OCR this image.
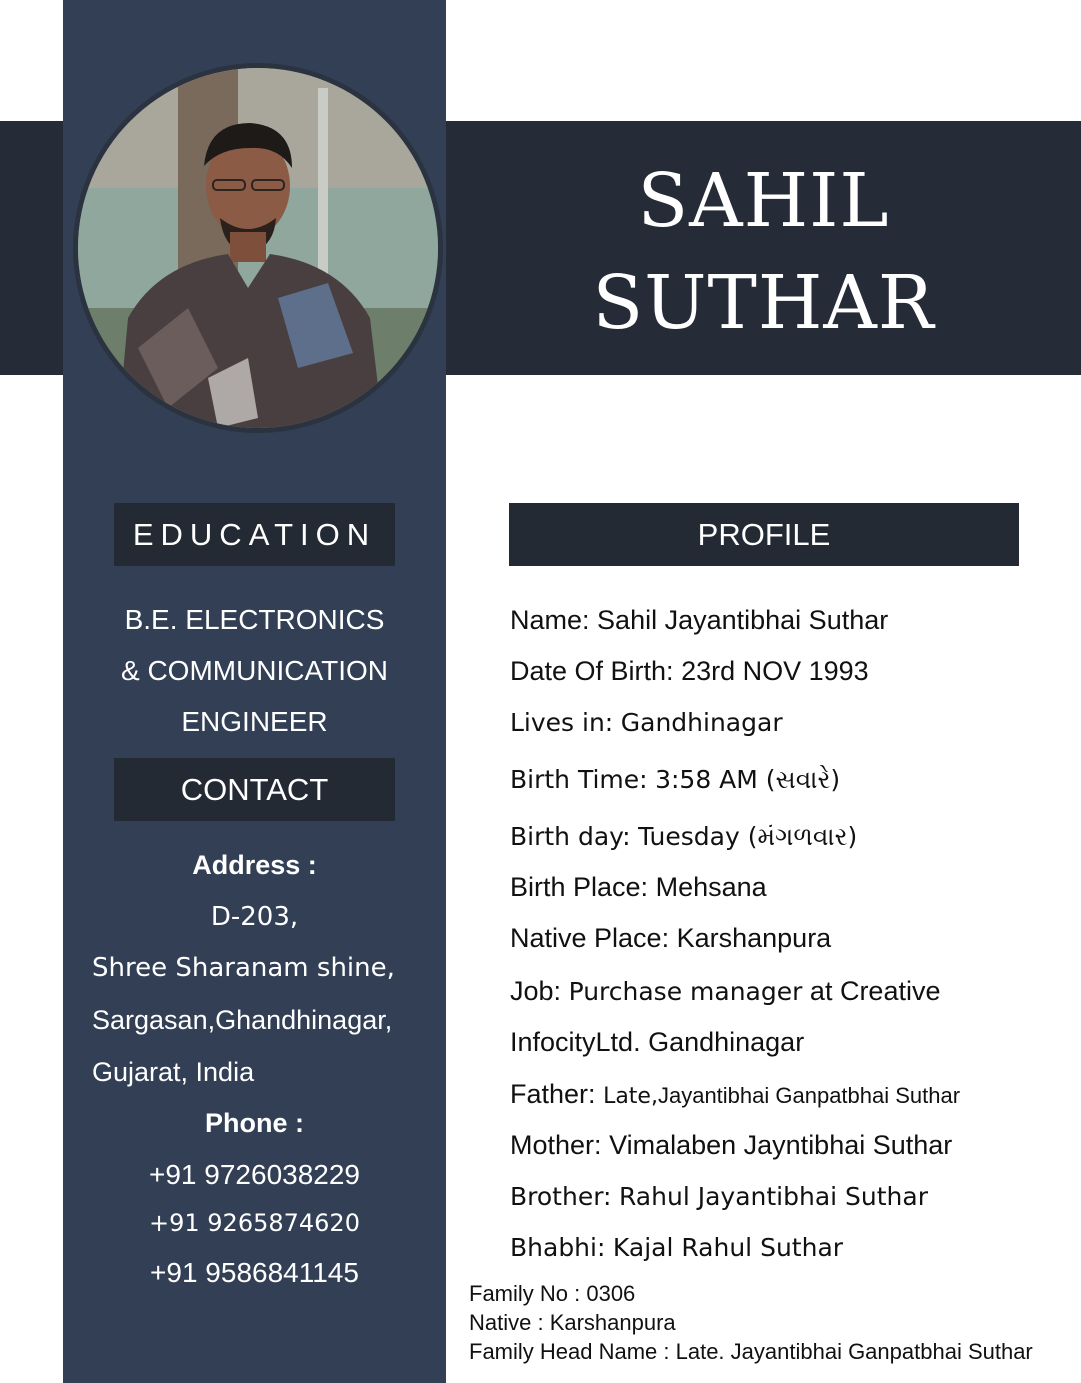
SAHIL
SUTHAR
EDUCATION
B.E. ELECTRONICS
& COMMUNICATION
ENGINEER
CONTACT
Address :
D-203,
Shree Sharanam shine,
Sargasan,Ghandhinagar,
Gujarat, India
Phone :
+91 9726038229
+91 9265874620
+91 9586841145
PROFILE
Name: Sahil Jayantibhai Suthar
Date Of Birth: 23rd NOV 1993
Lives in: Gandhinagar
Birth Time: 3:58 AM (સવારે)
Birth day: Tuesday (મંગળવાર)
Birth Place: Mehsana
Native Place: Karshanpura
Job: Purchase manager at Creative
InfocityLtd. Gandhinagar
Father: Late,Jayantibhai Ganpatbhai Suthar
Mother: Vimalaben Jayntibhai Suthar
Brother: Rahul Jayantibhai Suthar
Bhabhi: Kajal Rahul Suthar
Family No : 0306
Native : Karshanpura
Family Head Name : Late. Jayantibhai Ganpatbhai Suthar
